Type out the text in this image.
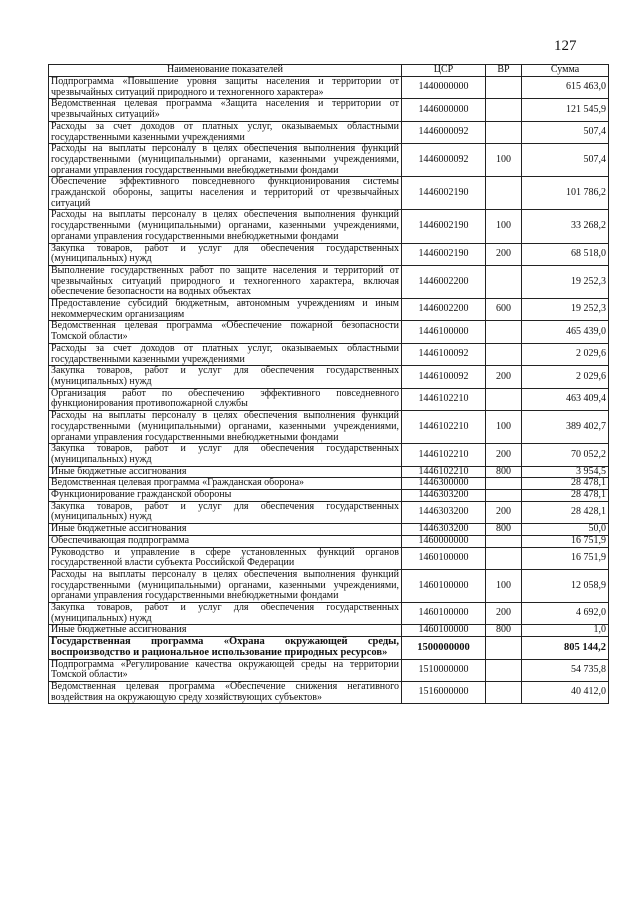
127
Наименование показателей	ЦСР	ВР	Сумма
Подпрограмма «Повышение уровня защиты населения и территории от чрезвычайных ситуаций природного и техногенного характера»	1440000000		615 463,0
Ведомственная целевая программа «Защита населения и территории от чрезвычайных ситуаций»	1446000000		121 545,9
Расходы за счет доходов от платных услуг, оказываемых областными государственными казенными учреждениями	1446000092		507,4
Расходы на выплаты персоналу в целях обеспечения выполнения функций государственными (муниципальными) органами, казенными учреждениями, органами управления государственными внебюджетными фондами	1446000092	100	507,4
Обеспечение эффективного повседневного функционирования системы гражданской обороны, защиты населения и территорий от чрезвычайных ситуаций	1446002190		101 786,2
Расходы на выплаты персоналу в целях обеспечения выполнения функций государственными (муниципальными) органами, казенными учреждениями, органами управления государственными внебюджетными фондами	1446002190	100	33 268,2
Закупка товаров, работ и услуг для обеспечения государственных (муниципальных) нужд	1446002190	200	68 518,0
Выполнение государственных работ по защите населения и территорий от чрезвычайных ситуаций природного и техногенного характера, включая обеспечение безопасности на водных объектах	1446002200		19 252,3
Предоставление субсидий бюджетным, автономным учреждениям и иным некоммерческим организациям	1446002200	600	19 252,3
Ведомственная целевая программа «Обеспечение пожарной безопасности Томской области»	1446100000		465 439,0
Расходы за счет доходов от платных услуг, оказываемых областными государственными казенными учреждениями	1446100092		2 029,6
Закупка товаров, работ и услуг для обеспечения государственных (муниципальных) нужд	1446100092	200	2 029,6
Организация работ по обеспечению эффективного повседневного функционирования противопожарной службы	1446102210		463 409,4
Расходы на выплаты персоналу в целях обеспечения выполнения функций государственными (муниципальными) органами, казенными учреждениями, органами управления государственными внебюджетными фондами	1446102210	100	389 402,7
Закупка товаров, работ и услуг для обеспечения государственных (муниципальных) нужд	1446102210	200	70 052,2
Иные бюджетные ассигнования	1446102210	800	3 954,5
Ведомственная целевая программа «Гражданская оборона»	1446300000		28 478,1
Функционирование гражданской обороны	1446303200		28 478,1
Закупка товаров, работ и услуг для обеспечения государственных (муниципальных) нужд	1446303200	200	28 428,1
Иные бюджетные ассигнования	1446303200	800	50,0
Обеспечивающая подпрограмма	1460000000		16 751,9
Руководство и управление в сфере установленных функций органов государственной власти субъекта Российской Федерации	1460100000		16 751,9
Расходы на выплаты персоналу в целях обеспечения выполнения функций государственными (муниципальными) органами, казенными учреждениями, органами управления государственными внебюджетными фондами	1460100000	100	12 058,9
Закупка товаров, работ и услуг для обеспечения государственных (муниципальных) нужд	1460100000	200	4 692,0
Иные бюджетные ассигнования	1460100000	800	1,0
Государственная программа «Охрана окружающей среды, воспроизводство и рациональное использование природных ресурсов»	1500000000		805 144,2
Подпрограмма «Регулирование качества окружающей среды на территории Томской области»	1510000000		54 735,8
Ведомственная целевая программа «Обеспечение снижения негативного воздействия на окружающую среду хозяйствующих субъектов»	1516000000		40 412,0
